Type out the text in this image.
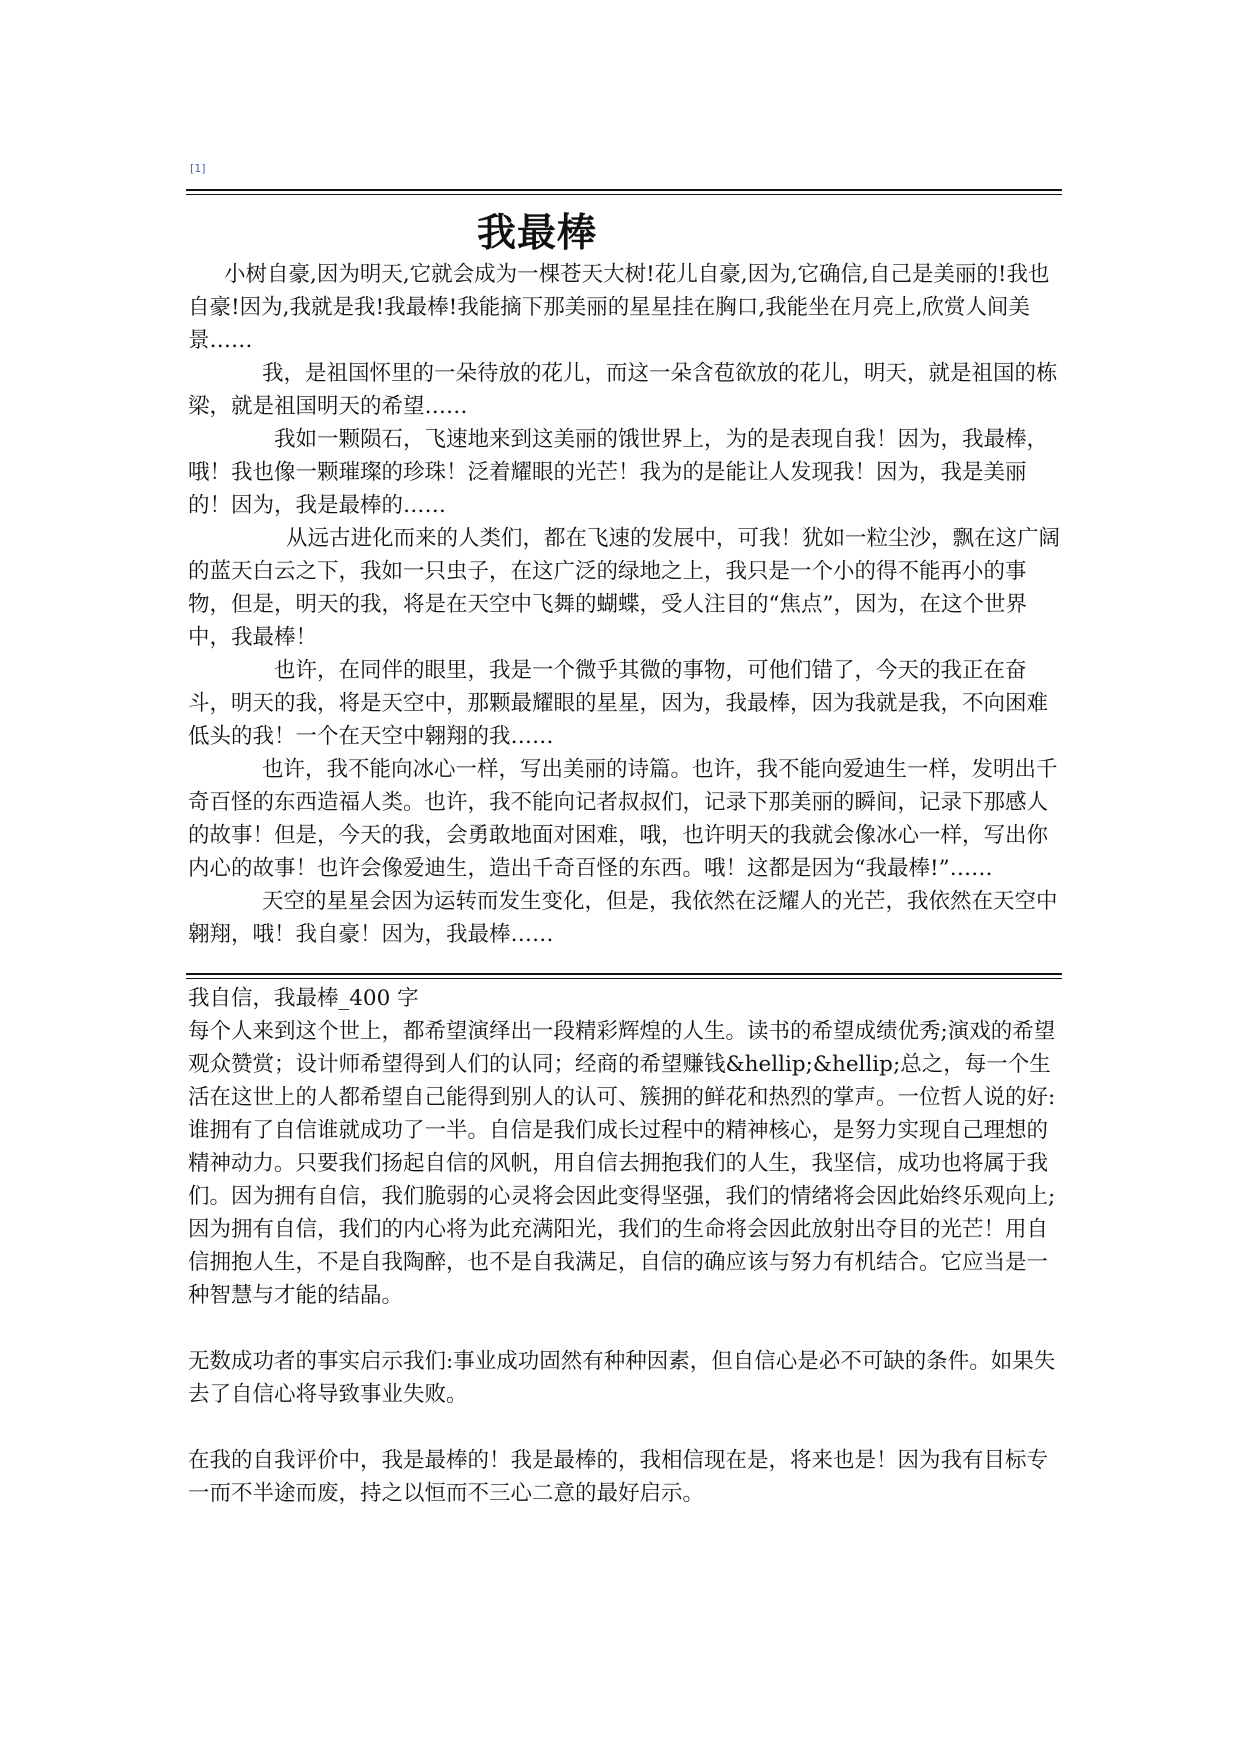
[1]
我最棒

小树自豪,因为明天,它就会成为一棵苍天大树!花儿自豪,因为,它确信,自己是美丽的!我也自豪!因为,我就是我!我最棒!我能摘下那美丽的星星挂在胸口,我能坐在月亮上,欣赏人间美景……

我，是祖国怀里的一朵待放的花儿，而这一朵含苞欲放的花儿，明天，就是祖国的栋梁，就是祖国明天的希望……

我如一颗陨石，飞速地来到这美丽的饿世界上，为的是表现自我！因为，我最棒，哦！我也像一颗璀璨的珍珠！泛着耀眼的光芒！我为的是能让人发现我！因为，我是美丽的！因为，我是最棒的……

从远古进化而来的人类们，都在飞速的发展中，可我！犹如一粒尘沙，飘在这广阔的蓝天白云之下，我如一只虫子，在这广泛的绿地之上，我只是一个小的得不能再小的事物，但是，明天的我，将是在天空中飞舞的蝴蝶，受人注目的“焦点”，因为，在这个世界中，我最棒！

也许，在同伴的眼里，我是一个微乎其微的事物，可他们错了，今天的我正在奋斗，明天的我，将是天空中，那颗最耀眼的星星，因为，我最棒，因为我就是我，不向困难低头的我！一个在天空中翱翔的我……

也许，我不能向冰心一样，写出美丽的诗篇。也许，我不能向爱迪生一样，发明出千奇百怪的东西造福人类。也许，我不能向记者叔叔们，记录下那美丽的瞬间，记录下那感人的故事！但是，今天的我，会勇敢地面对困难，哦，也许明天的我就会像冰心一样，写出你内心的故事！也许会像爱迪生，造出千奇百怪的东西。哦！这都是因为“我最棒!”……

天空的星星会因为运转而发生变化，但是，我依然在泛耀人的光芒，我依然在天空中翱翔，哦！我自豪！因为，我最棒……

我自信，我最棒_400 字

每个人来到这个世上，都希望演绎出一段精彩辉煌的人生。读书的希望成绩优秀;演戏的希望观众赞赏；设计师希望得到人们的认同；经商的希望赚钱&hellip;&hellip;总之，每一个生活在这世上的人都希望自己能得到别人的认可、簇拥的鲜花和热烈的掌声。一位哲人说的好:谁拥有了自信谁就成功了一半。自信是我们成长过程中的精神核心，是努力实现自己理想的精神动力。只要我们扬起自信的风帆，用自信去拥抱我们的人生，我坚信，成功也将属于我们。因为拥有自信，我们脆弱的心灵将会因此变得坚强，我们的情绪将会因此始终乐观向上;因为拥有自信，我们的内心将为此充满阳光，我们的生命将会因此放射出夺目的光芒！用自信拥抱人生，不是自我陶醉，也不是自我满足，自信的确应该与努力有机结合。它应当是一种智慧与才能的结晶。

无数成功者的事实启示我们:事业成功固然有种种因素，但自信心是必不可缺的条件。如果失去了自信心将导致事业失败。

在我的自我评价中，我是最棒的！我是最棒的，我相信现在是，将来也是！因为我有目标专一而不半途而废，持之以恒而不三心二意的最好启示。
